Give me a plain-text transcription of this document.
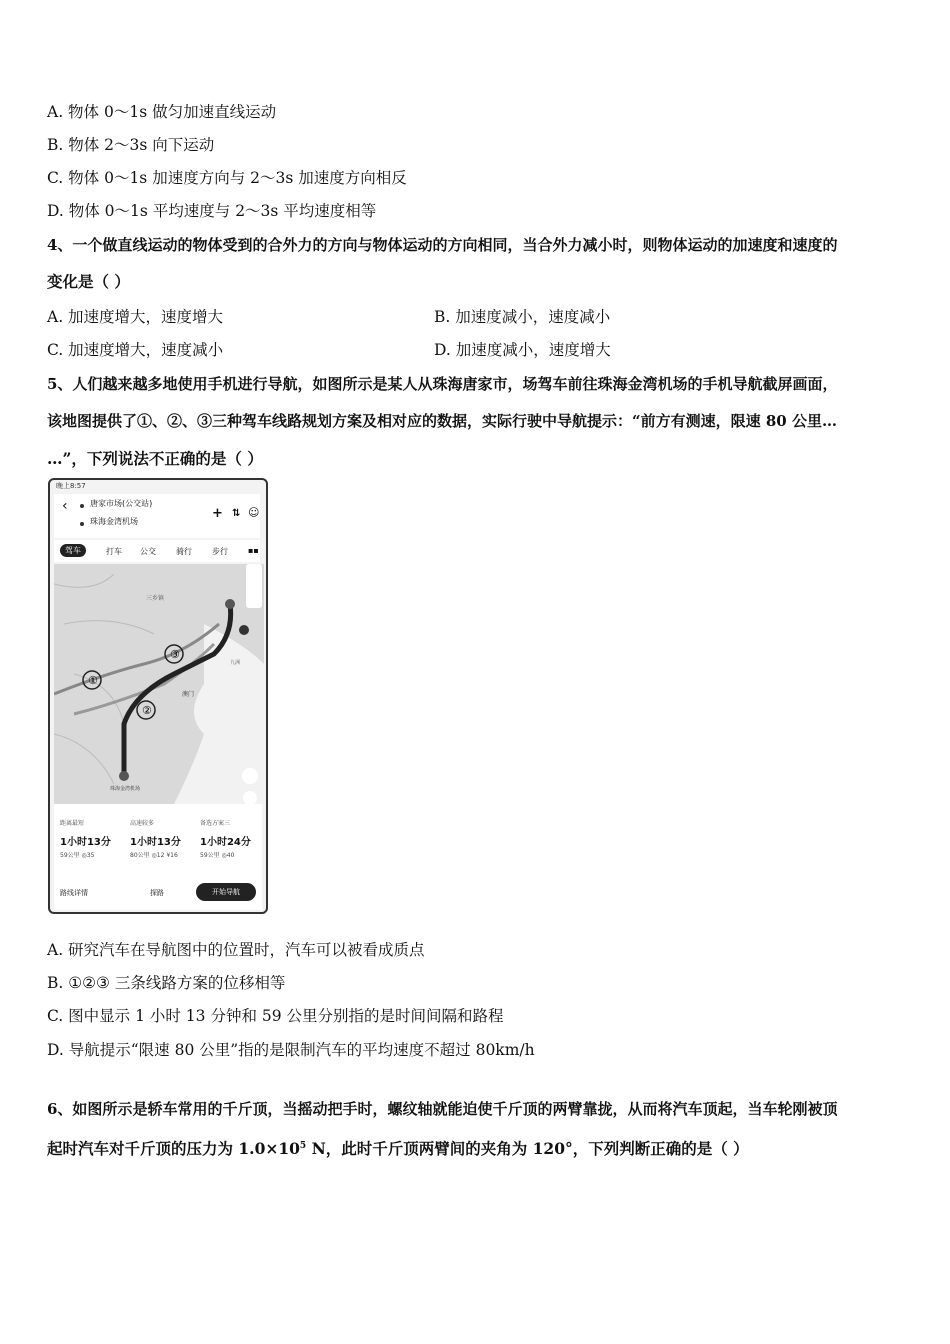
A. 物体 0～1s 做匀加速直线运动
B. 物体 2～3s 向下运动
C. 物体 0～1s 加速度方向与 2～3s 加速度方向相反
D. 物体 0～1s 平均速度与 2～3s 平均速度相等
4、一个做直线运动的物体受到的合外力的方向与物体运动的方向相同，当合外力减小时，则物体运动的加速度和速度的
变化是（ ）
A. 加速度增大，速度增大	B. 加速度减小，速度减小
C. 加速度增大，速度减小	D. 加速度减小，速度增大
5、人们越来越多地使用手机进行导航，如图所示是某人从珠海唐家市，场驾车前往珠海金湾机场的手机导航截屏画面，
该地图提供了①、②、③三种驾车线路规划方案及相对应的数据，实际行驶中导航提示：“前方有测速，限速 80 公里…
…”，下列说法不正确的是（ ）
晚上8:57
‹	唐家市场(公交站)
珠海金湾机场
+ ⇅ ☺
驾车	打车 公交	骑行	步行	▪▪
①
②
③
三乡镇
澳门
珠海金湾机场
九洲
距离最短
1小时13分
59公里 ◎35
高速较多
1小时13分
80公里 ◎12 ¥16
备选方案三
1小时24分
59公里 ◎40
路线详情	探路	开始导航
A. 研究汽车在导航图中的位置时，汽车可以被看成质点
B. ①②③ 三条线路方案的位移相等
C. 图中显示 1 小时 13 分钟和 59 公里分别指的是时间间隔和路程
D. 导航提示“限速 80 公里”指的是限制汽车的平均速度不超过 80km/h
6、如图所示是轿车常用的千斤顶，当摇动把手时，螺纹轴就能迫使千斤顶的两臂靠拢，从而将汽车顶起，当车轮刚被顶
起时汽车对千斤顶的压力为 $1.0\times 10^5$ N，此时千斤顶两臂间的夹角为 120°，下列判断正确的是（ ）
